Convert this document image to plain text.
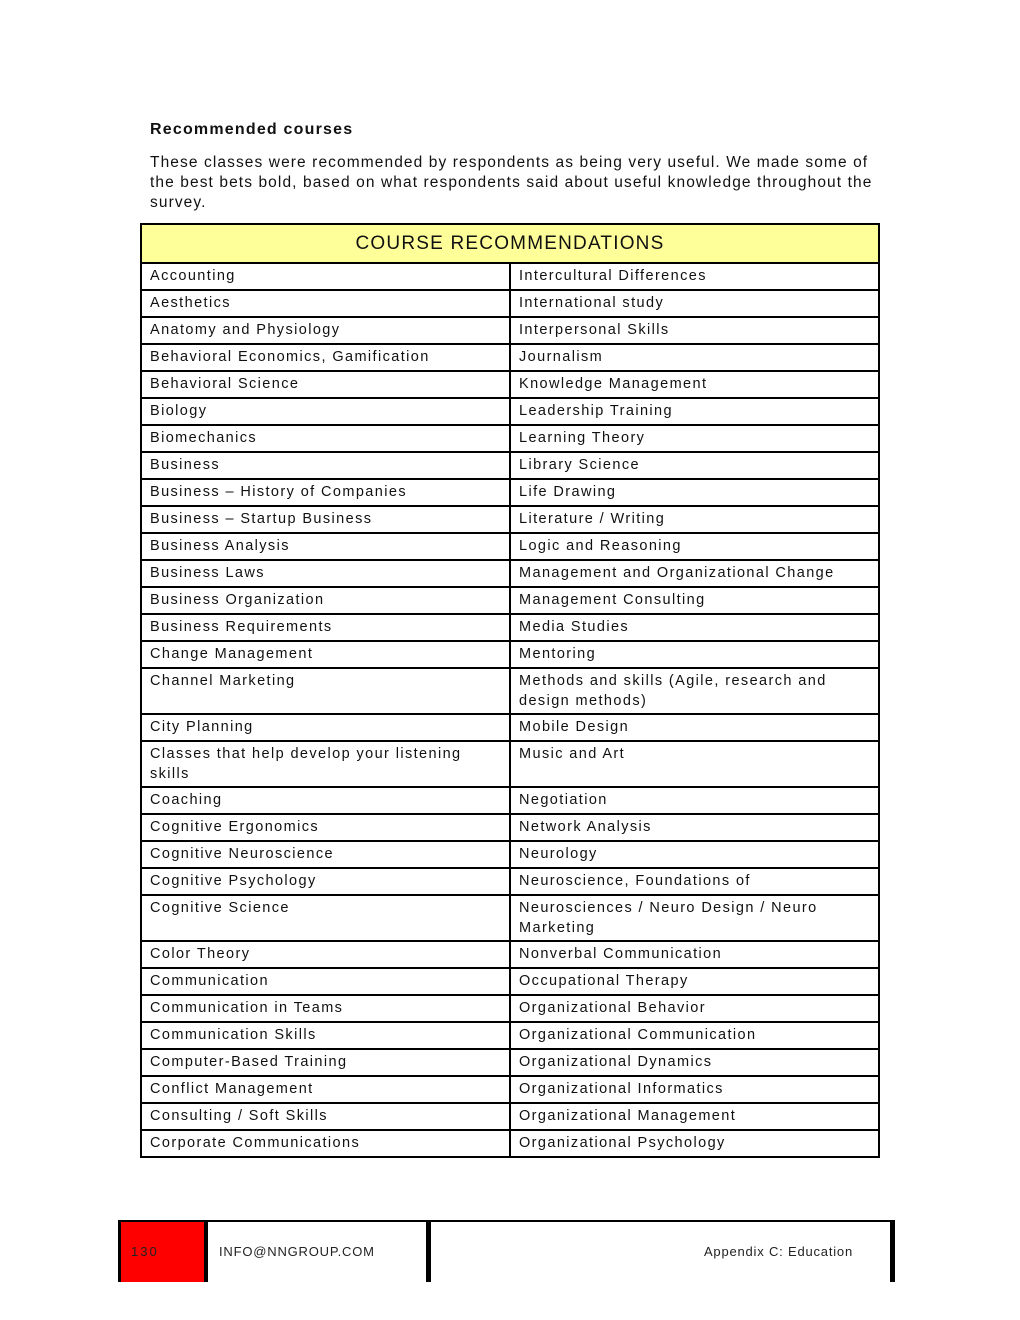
Recommended courses

These classes were recommended by respondents as being very useful. We made some of the best bets bold, based on what respondents said about useful knowledge throughout the survey.

COURSE RECOMMENDATIONS	
Accounting	Intercultural Differences
Aesthetics	International study
Anatomy and Physiology	Interpersonal Skills
Behavioral Economics, Gamification	Journalism
Behavioral Science	Knowledge Management
Biology	Leadership Training
Biomechanics	Learning Theory
Business	Library Science
Business – History of Companies	Life Drawing
Business – Startup Business	Literature / Writing
Business Analysis	Logic and Reasoning
Business Laws	Management and Organizational Change
Business Organization	Management Consulting
Business Requirements	Media Studies
Change Management	Mentoring
Channel Marketing	Methods and skills (Agile, research and design methods)
City Planning	Mobile Design
Classes that help develop your listening skills	Music and Art
Coaching	Negotiation
Cognitive Ergonomics	Network Analysis
Cognitive Neuroscience	Neurology
Cognitive Psychology	Neuroscience, Foundations of
Cognitive Science	Neurosciences / Neuro Design / Neuro Marketing
Color Theory	Nonverbal Communication
Communication	Occupational Therapy
Communication in Teams	Organizational Behavior
Communication Skills	Organizational Communication
Computer-Based Training	Organizational Dynamics
Conflict Management	Organizational Informatics
Consulting / Soft Skills	Organizational Management
Corporate Communications	Organizational Psychology
130	INFO@NNGROUP.COM	Appendix C: Education
